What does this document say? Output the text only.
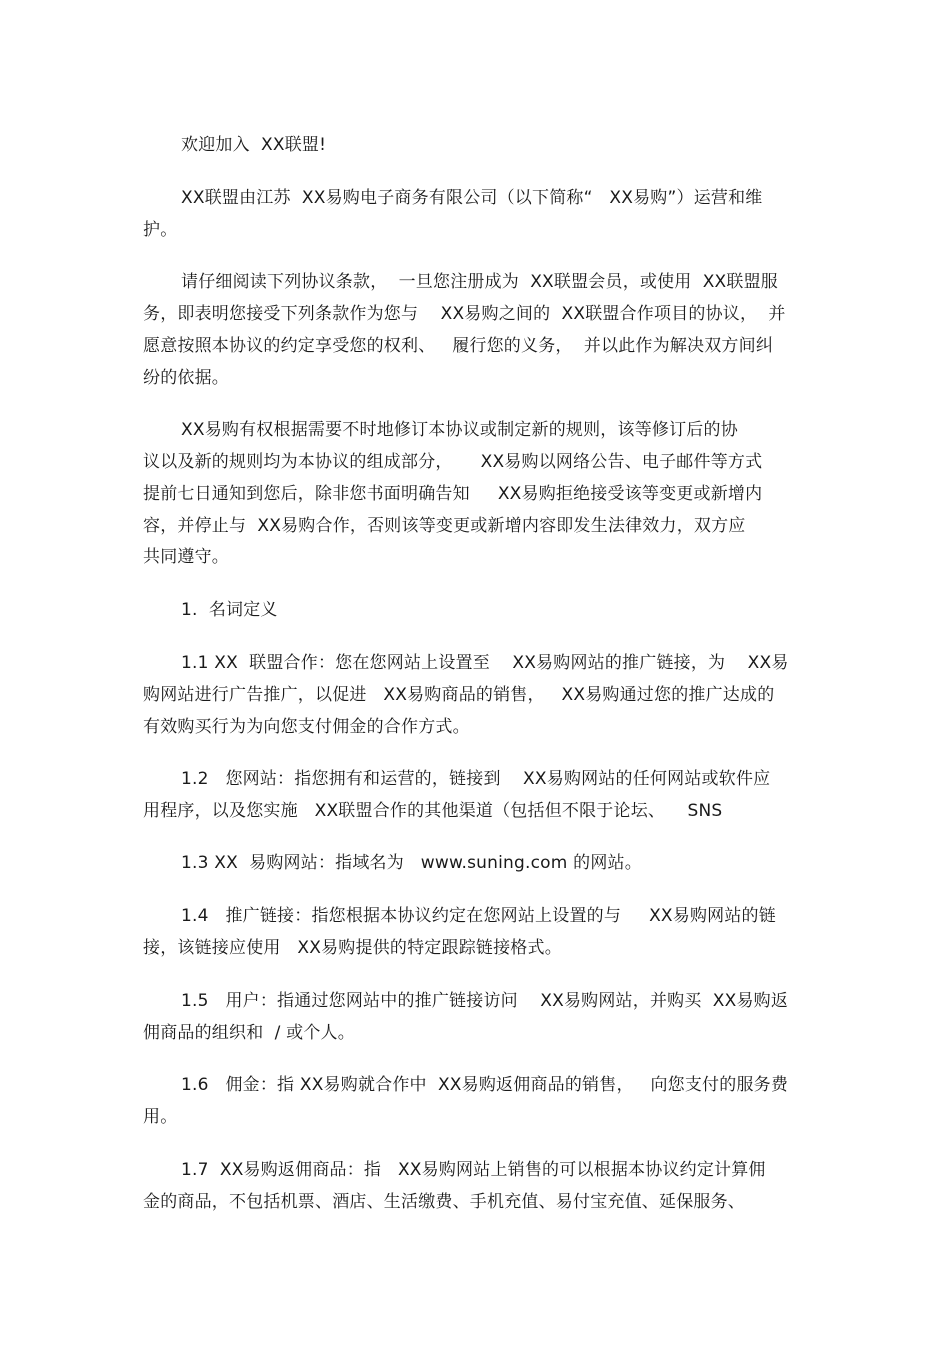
欢迎加入  XX联盟!
XX联盟由江苏  XX易购电子商务有限公司（以下简称“   XX易购”）运营和维
护。
请仔细阅读下列协议条款，  一旦您注册成为  XX联盟会员，或使用  XX联盟服
务，即表明您接受下列条款作为您与    XX易购之间的  XX联盟合作项目的协议，  并
愿意按照本协议的约定享受您的权利、   履行您的义务，  并以此作为解决双方间纠
纷的依据。
XX易购有权根据需要不时地修订本协议或制定新的规则，该等修订后的协
议以及新的规则均为本协议的组成部分，     XX易购以网络公告、电子邮件等方式
提前七日通知到您后，除非您书面明确告知     XX易购拒绝接受该等变更或新增内
容，并停止与  XX易购合作，否则该等变更或新增内容即发生法律效力，双方应
共同遵守。
1.  名词定义
1.1 XX  联盟合作：您在您网站上设置至    XX易购网站的推广链接，为    XX易
购网站进行广告推广，以促进   XX易购商品的销售，   XX易购通过您的推广达成的
有效购买行为为向您支付佣金的合作方式。
1.2   您网站：指您拥有和运营的，链接到    XX易购网站的任何网站或软件应
用程序，以及您实施   XX联盟合作的其他渠道（包括但不限于论坛、    SNS
1.3 XX  易购网站：指域名为   www.suning.com 的网站。
1.4   推广链接：指您根据本协议约定在您网站上设置的与     XX易购网站的链
接，该链接应使用   XX易购提供的特定跟踪链接格式。
1.5   用户：指通过您网站中的推广链接访问    XX易购网站，并购买  XX易购返
佣商品的组织和  / 或个人。
1.6   佣金：指 XX易购就合作中  XX易购返佣商品的销售，   向您支付的服务费
用。
1.7  XX易购返佣商品：指   XX易购网站上销售的可以根据本协议约定计算佣
金的商品，不包括机票、酒店、生活缴费、手机充值、易付宝充值、延保服务、
